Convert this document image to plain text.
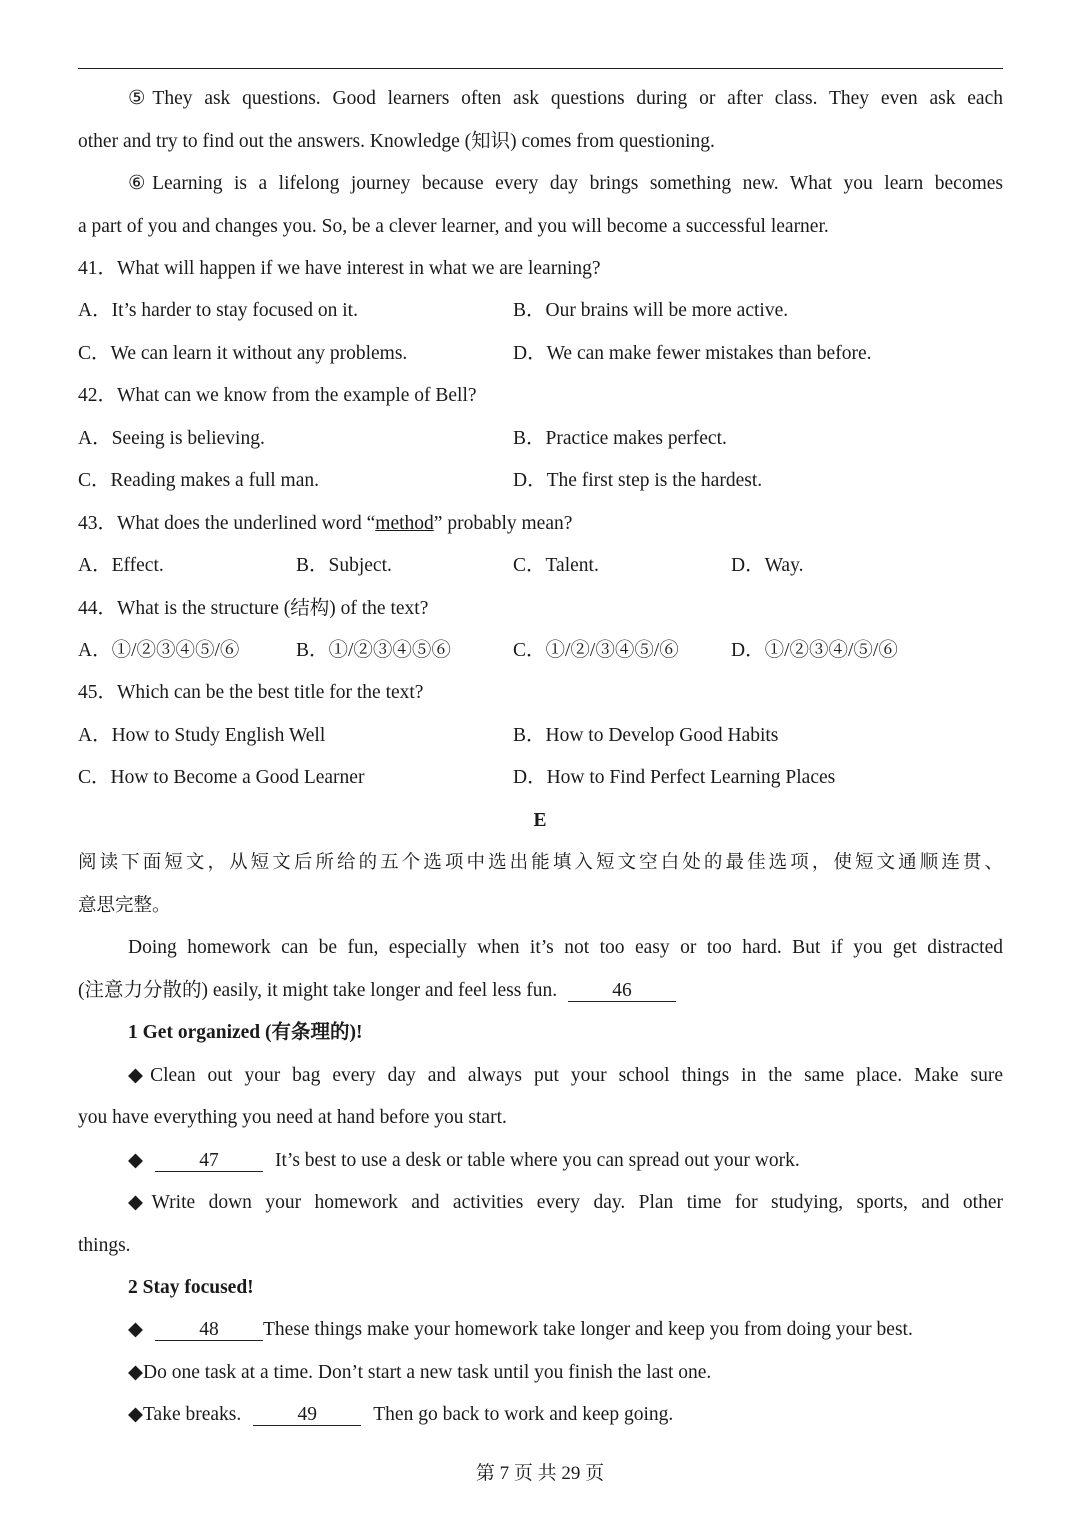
⑤They ask questions. Good learners often ask questions during or after class. They even ask each
other and try to find out the answers. Knowledge (知识) comes from questioning.
⑥Learning is a lifelong journey because every day brings something new. What you learn becomes
a part of you and changes you. So, be a clever learner, and you will become a successful learner.
41．What will happen if we have interest in what we are learning?
A．It’s harder to stay focused on it.	B．Our brains will be more active.
C．We can learn it without any problems.	D．We can make fewer mistakes than before.
42．What can we know from the example of Bell?
A．Seeing is believing.	B．Practice makes perfect.
C．Reading makes a full man.	D．The first step is the hardest.
43．What does the underlined word “method” probably mean?
A．Effect.	B．Subject.	C．Talent.	D．Way.
44．What is the structure (结构) of the text?
A．①/②③④⑤/⑥	B．①/②③④⑤⑥	C．①/②/③④⑤/⑥	D．①/②③④/⑤/⑥
45．Which can be the best title for the text?
A．How to Study English Well	B．How to Develop Good Habits
C．How to Become a Good Learner	D．How to Find Perfect Learning Places
E
阅读下面短文，从短文后所给的五个选项中选出能填入短文空白处的最佳选项，使短文通顺连贯、
意思完整。
Doing homework can be fun, especially when it’s not too easy or too hard. But if you get distracted
(注意力分散的) easily, it might take longer and feel less fun.	46
1 Get organized (有条理的)!
◆Clean out your bag every day and always put your school things in the same place. Make sure
you have everything you need at hand before you start.
◆	47	It’s best to use a desk or table where you can spread out your work.
◆Write down your homework and activities every day. Plan time for studying, sports, and other
things.
2 Stay focused!
◆	48 These things make your homework take longer and keep you from doing your best.
◆Do one task at a time. Don’t start a new task until you finish the last one.
◆Take breaks.	49	Then go back to work and keep going.
第 7 页 共 29 页
